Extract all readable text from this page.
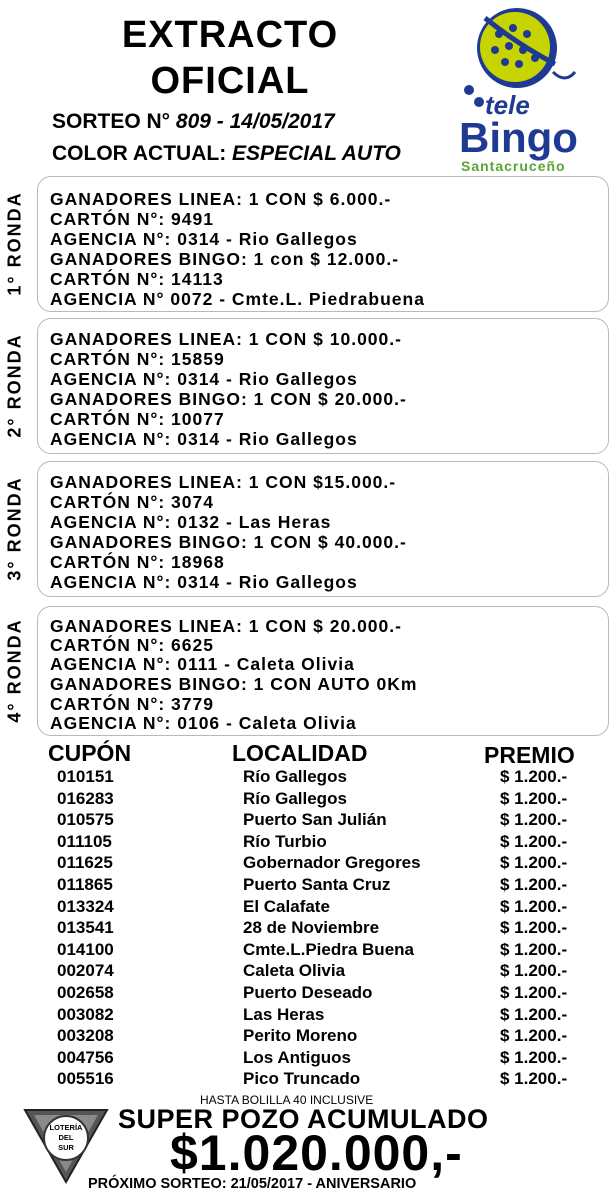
EXTRACTO
OFICIAL
SORTEO N° 809 - 14/05/2017
COLOR ACTUAL: ESPECIAL AUTO
tele
Bingo
Santacruceño
GANADORES LINEA: 1 CON $ 6.000.-
CARTÓN N°: 9491
AGENCIA N°: 0314 - Rio Gallegos
GANADORES BINGO: 1 con $ 12.000.-
CARTÓN N°: 14113
AGENCIA N° 0072 - Cmte.L. Piedrabuena
1° RONDA
GANADORES LINEA: 1 CON $ 10.000.-
CARTÓN N°: 15859
AGENCIA N°: 0314 - Rio Gallegos
GANADORES BINGO: 1 CON $ 20.000.-
CARTÓN N°: 10077
AGENCIA N°: 0314 - Rio Gallegos
2° RONDA
GANADORES LINEA: 1 CON $15.000.-
CARTÓN N°: 3074
AGENCIA N°: 0132 - Las Heras
GANADORES BINGO: 1 CON $ 40.000.-
CARTÓN N°: 18968
AGENCIA N°: 0314 - Rio Gallegos
3° RONDA
GANADORES LINEA: 1 CON $ 20.000.-
CARTÓN N°: 6625
AGENCIA N°: 0111 - Caleta Olivia
GANADORES BINGO: 1 CON AUTO 0Km
CARTÓN N°: 3779
AGENCIA N°: 0106 - Caleta Olivia
4° RONDA
CUPÓN	LOCALIDAD	PREMIO
010151	Río Gallegos	$ 1.200.-
016283	Río Gallegos	$ 1.200.-
010575	Puerto San Julián	$ 1.200.-
011105	Río Turbio	$ 1.200.-
011625	Gobernador Gregores	$ 1.200.-
011865	Puerto Santa Cruz	$ 1.200.-
013324	El Calafate	$ 1.200.-
013541	28 de Noviembre	$ 1.200.-
014100	Cmte.L.Piedra Buena	$ 1.200.-
002074	Caleta Olivia	$ 1.200.-
002658	Puerto Deseado	$ 1.200.-
003082	Las Heras	$ 1.200.-
003208	Perito Moreno	$ 1.200.-
004756	Los Antiguos	$ 1.200.-
005516	Pico Truncado	$ 1.200.-
HASTA BOLILLA 40 INCLUSIVE
LOTERÍA
DEL
SUR
SUPER POZO ACUMULADO
$1.020.000,-
PRÓXIMO SORTEO: 21/05/2017 - ANIVERSARIO
